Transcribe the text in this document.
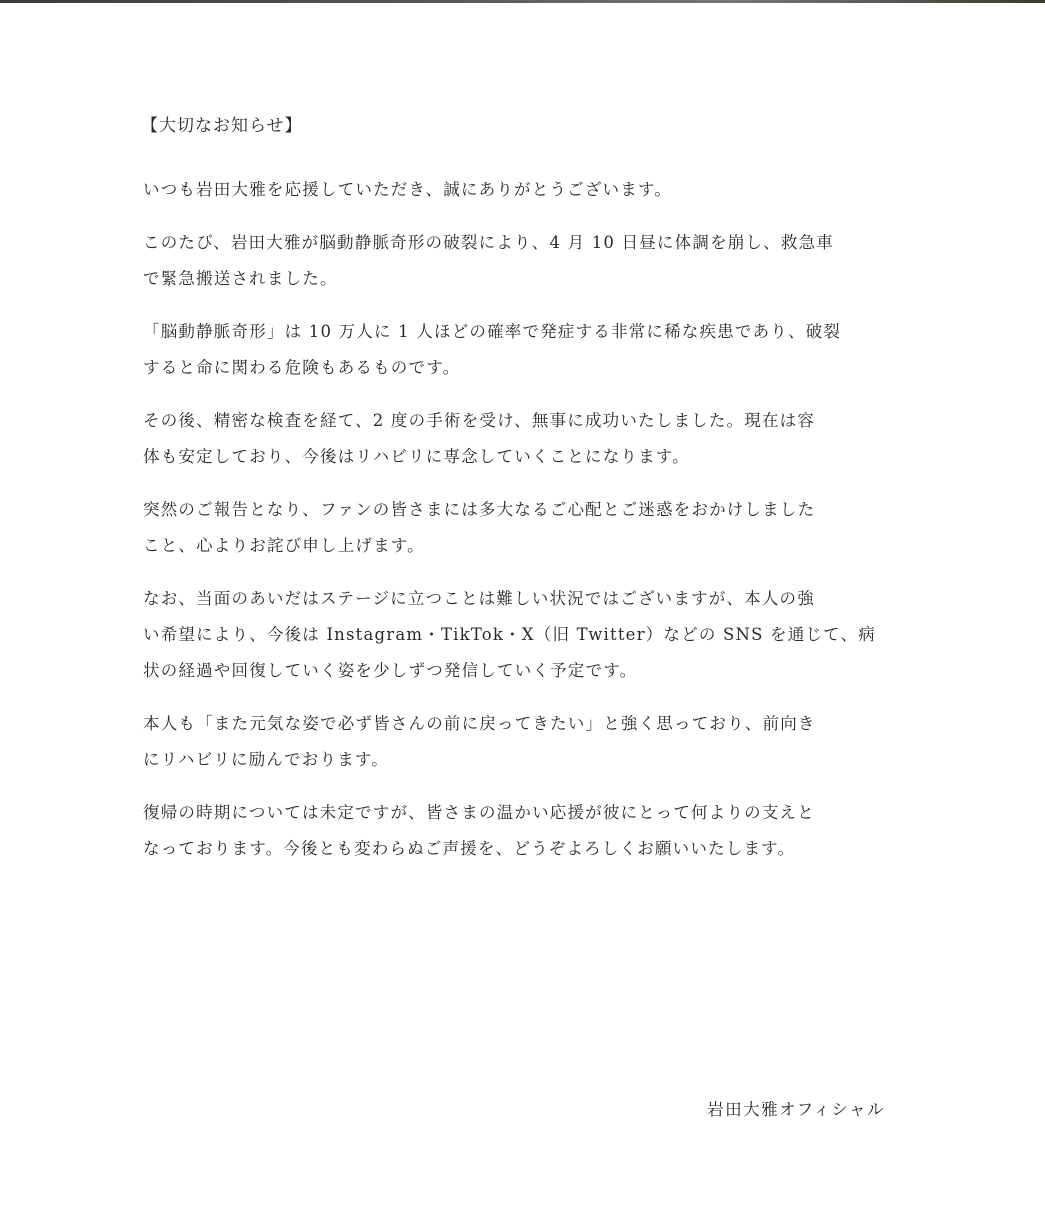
【大切なお知らせ】

いつも岩田大雅を応援していただき、誠にありがとうございます。

このたび、岩田大雅が脳動静脈奇形の破裂により、4 月 10 日昼に体調を崩し、救急車
で緊急搬送されました。

「脳動静脈奇形」は 10 万人に 1 人ほどの確率で発症する非常に稀な疾患であり、破裂
すると命に関わる危険もあるものです。

その後、精密な検査を経て、2 度の手術を受け、無事に成功いたしました。現在は容
体も安定しており、今後はリハビリに専念していくことになります。

突然のご報告となり、ファンの皆さまには多大なるご心配とご迷惑をおかけしました
こと、心よりお詫び申し上げます。

なお、当面のあいだはステージに立つことは難しい状況ではございますが、本人の強
い希望により、今後は Instagram・TikTok・X（旧 Twitter）などの SNS を通じて、病
状の経過や回復していく姿を少しずつ発信していく予定です。

本人も「また元気な姿で必ず皆さんの前に戻ってきたい」と強く思っており、前向き
にリハビリに励んでおります。

復帰の時期については未定ですが、皆さまの温かい応援が彼にとって何よりの支えと
なっております。今後とも変わらぬご声援を、どうぞよろしくお願いいたします。

岩田大雅オフィシャル
